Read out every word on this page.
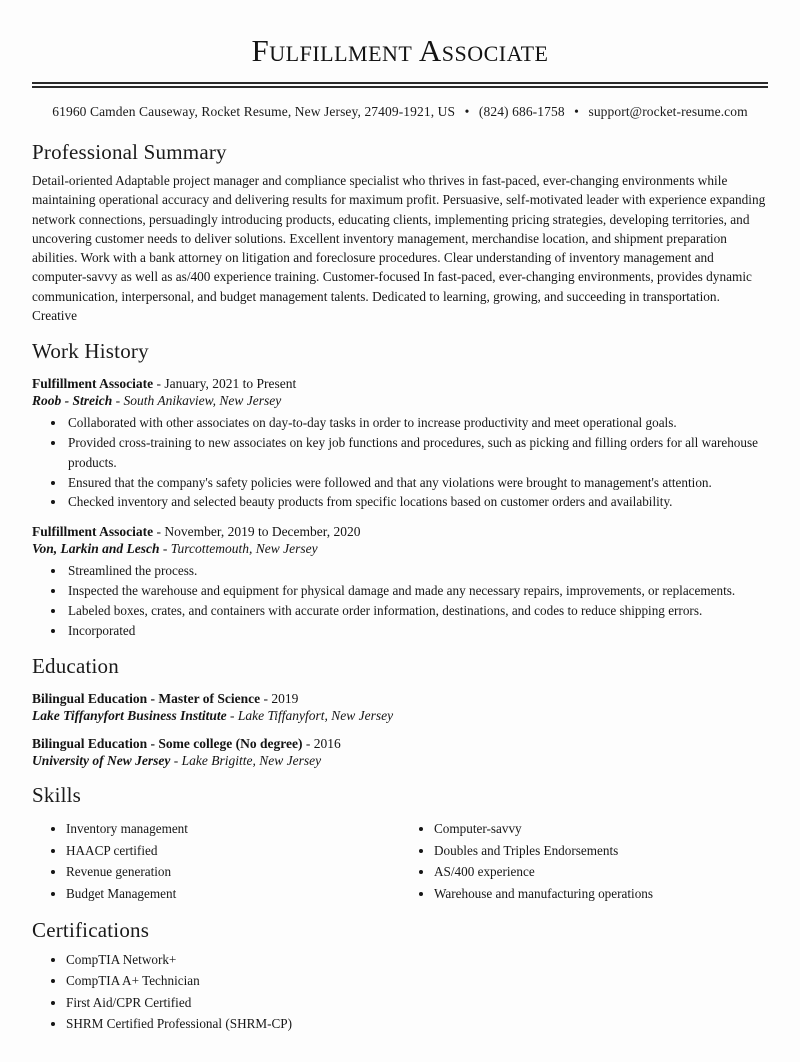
Fulfillment Associate
61960 Camden Causeway, Rocket Resume, New Jersey, 27409-1921, US • (824) 686-1758 • support@rocket-resume.com
Professional Summary

Detail-oriented Adaptable project manager and compliance specialist who thrives in fast-paced, ever-changing environments while maintaining operational accuracy and delivering results for maximum profit. Persuasive, self-motivated leader with experience expanding network connections, persuadingly introducing products, educating clients, implementing pricing strategies, developing territories, and uncovering customer needs to deliver solutions. Excellent inventory management, merchandise location, and shipment preparation abilities. Work with a bank attorney on litigation and foreclosure procedures. Clear understanding of inventory management and computer-savvy as well as as/400 experience training. Customer-focused In fast-paced, ever-changing environments, provides dynamic communication, interpersonal, and budget management talents. Dedicated to learning, growing, and succeeding in transportation. Creative

Work History
Fulfillment Associate - January, 2021 to Present
Roob - Streich - South Anikaview, New Jersey
• Collaborated with other associates on day-to-day tasks in order to increase productivity and meet operational goals.
• Provided cross-training to new associates on key job functions and procedures, such as picking and filling orders for all warehouse products.
• Ensured that the company's safety policies were followed and that any violations were brought to management's attention.
• Checked inventory and selected beauty products from specific locations based on customer orders and availability.
Fulfillment Associate - November, 2019 to December, 2020
Von, Larkin and Lesch - Turcottemouth, New Jersey
• Streamlined the process.
• Inspected the warehouse and equipment for physical damage and made any necessary repairs, improvements, or replacements.
• Labeled boxes, crates, and containers with accurate order information, destinations, and codes to reduce shipping errors.
• Incorporated
Education
Bilingual Education - Master of Science - 2019
Lake Tiffanyfort Business Institute - Lake Tiffanyfort, New Jersey
Bilingual Education - Some college (No degree) - 2016
University of New Jersey - Lake Brigitte, New Jersey
Skills
• Inventory management
• HAACP certified
• Revenue generation
• Budget Management
• Computer-savvy
• Doubles and Triples Endorsements
• AS/400 experience
• Warehouse and manufacturing operations
Certifications
• CompTIA Network+
• CompTIA A+ Technician
• First Aid/CPR Certified
• SHRM Certified Professional (SHRM-CP)
